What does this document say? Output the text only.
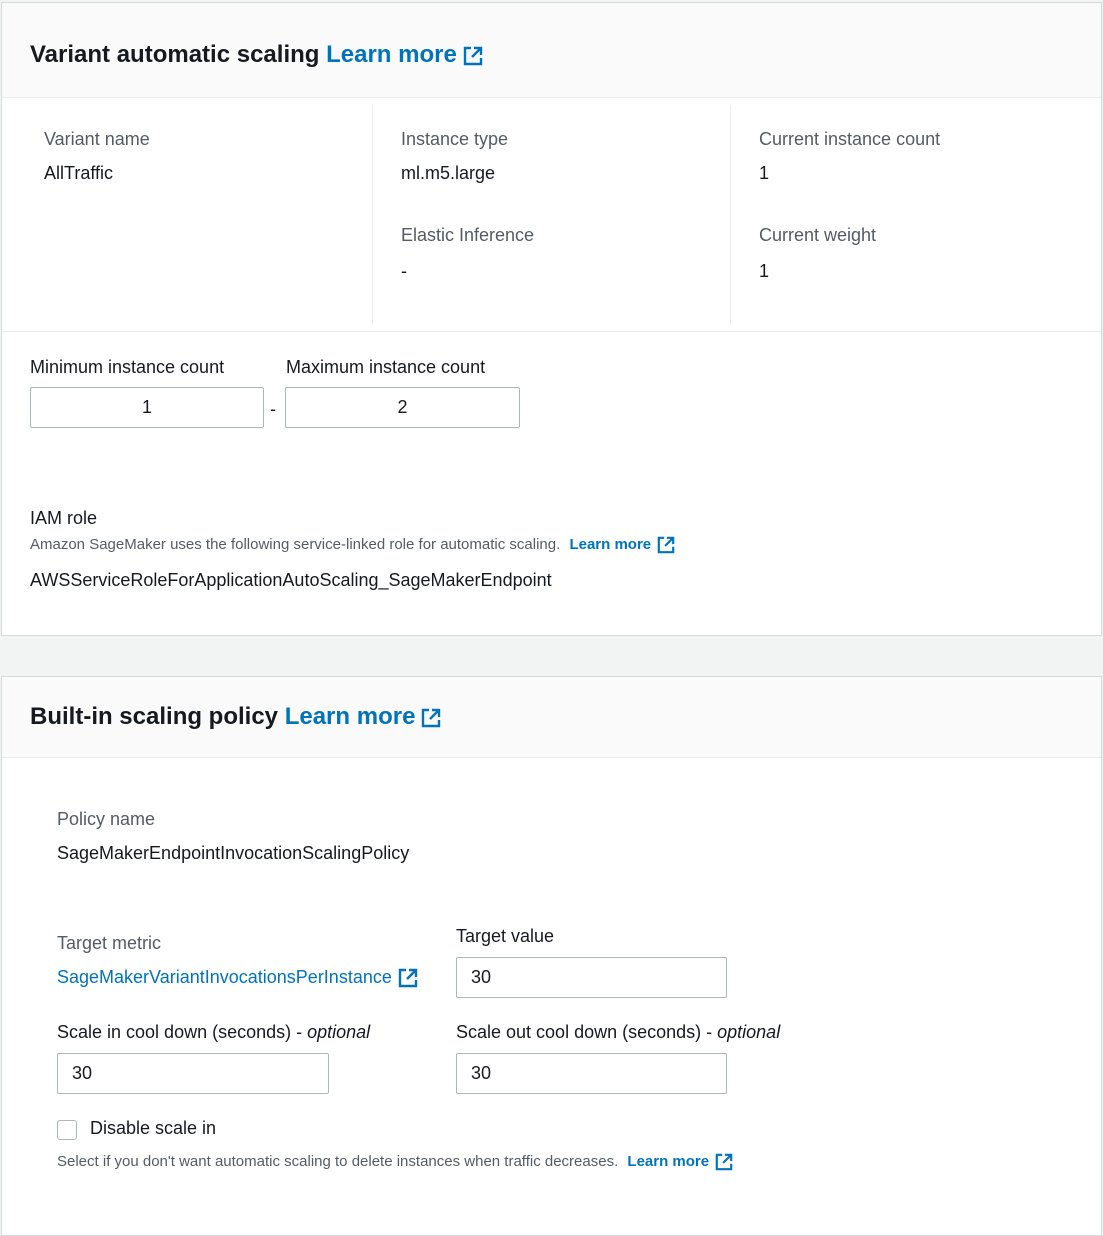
Variant automatic scaling Learn more
Variant name
AllTraffic
Instance type
ml.m5.large
Elastic Inference
-
Current instance count
1
Current weight
1
Minimum instance count
1	-
Maximum instance count
2
IAM role
Amazon SageMaker uses the following service-linked role for automatic scaling. Learn more
AWSServiceRoleForApplicationAutoScaling_SageMakerEndpoint
Built-in scaling policy Learn more
Policy name
SageMakerEndpointInvocationScalingPolicy
Target metric
SageMakerVariantInvocationsPerInstance
Target value
30
Scale in cool down (seconds) - optional
30
Scale out cool down (seconds) - optional
30
Disable scale in
Select if you don't want automatic scaling to delete instances when traffic decreases. Learn more
